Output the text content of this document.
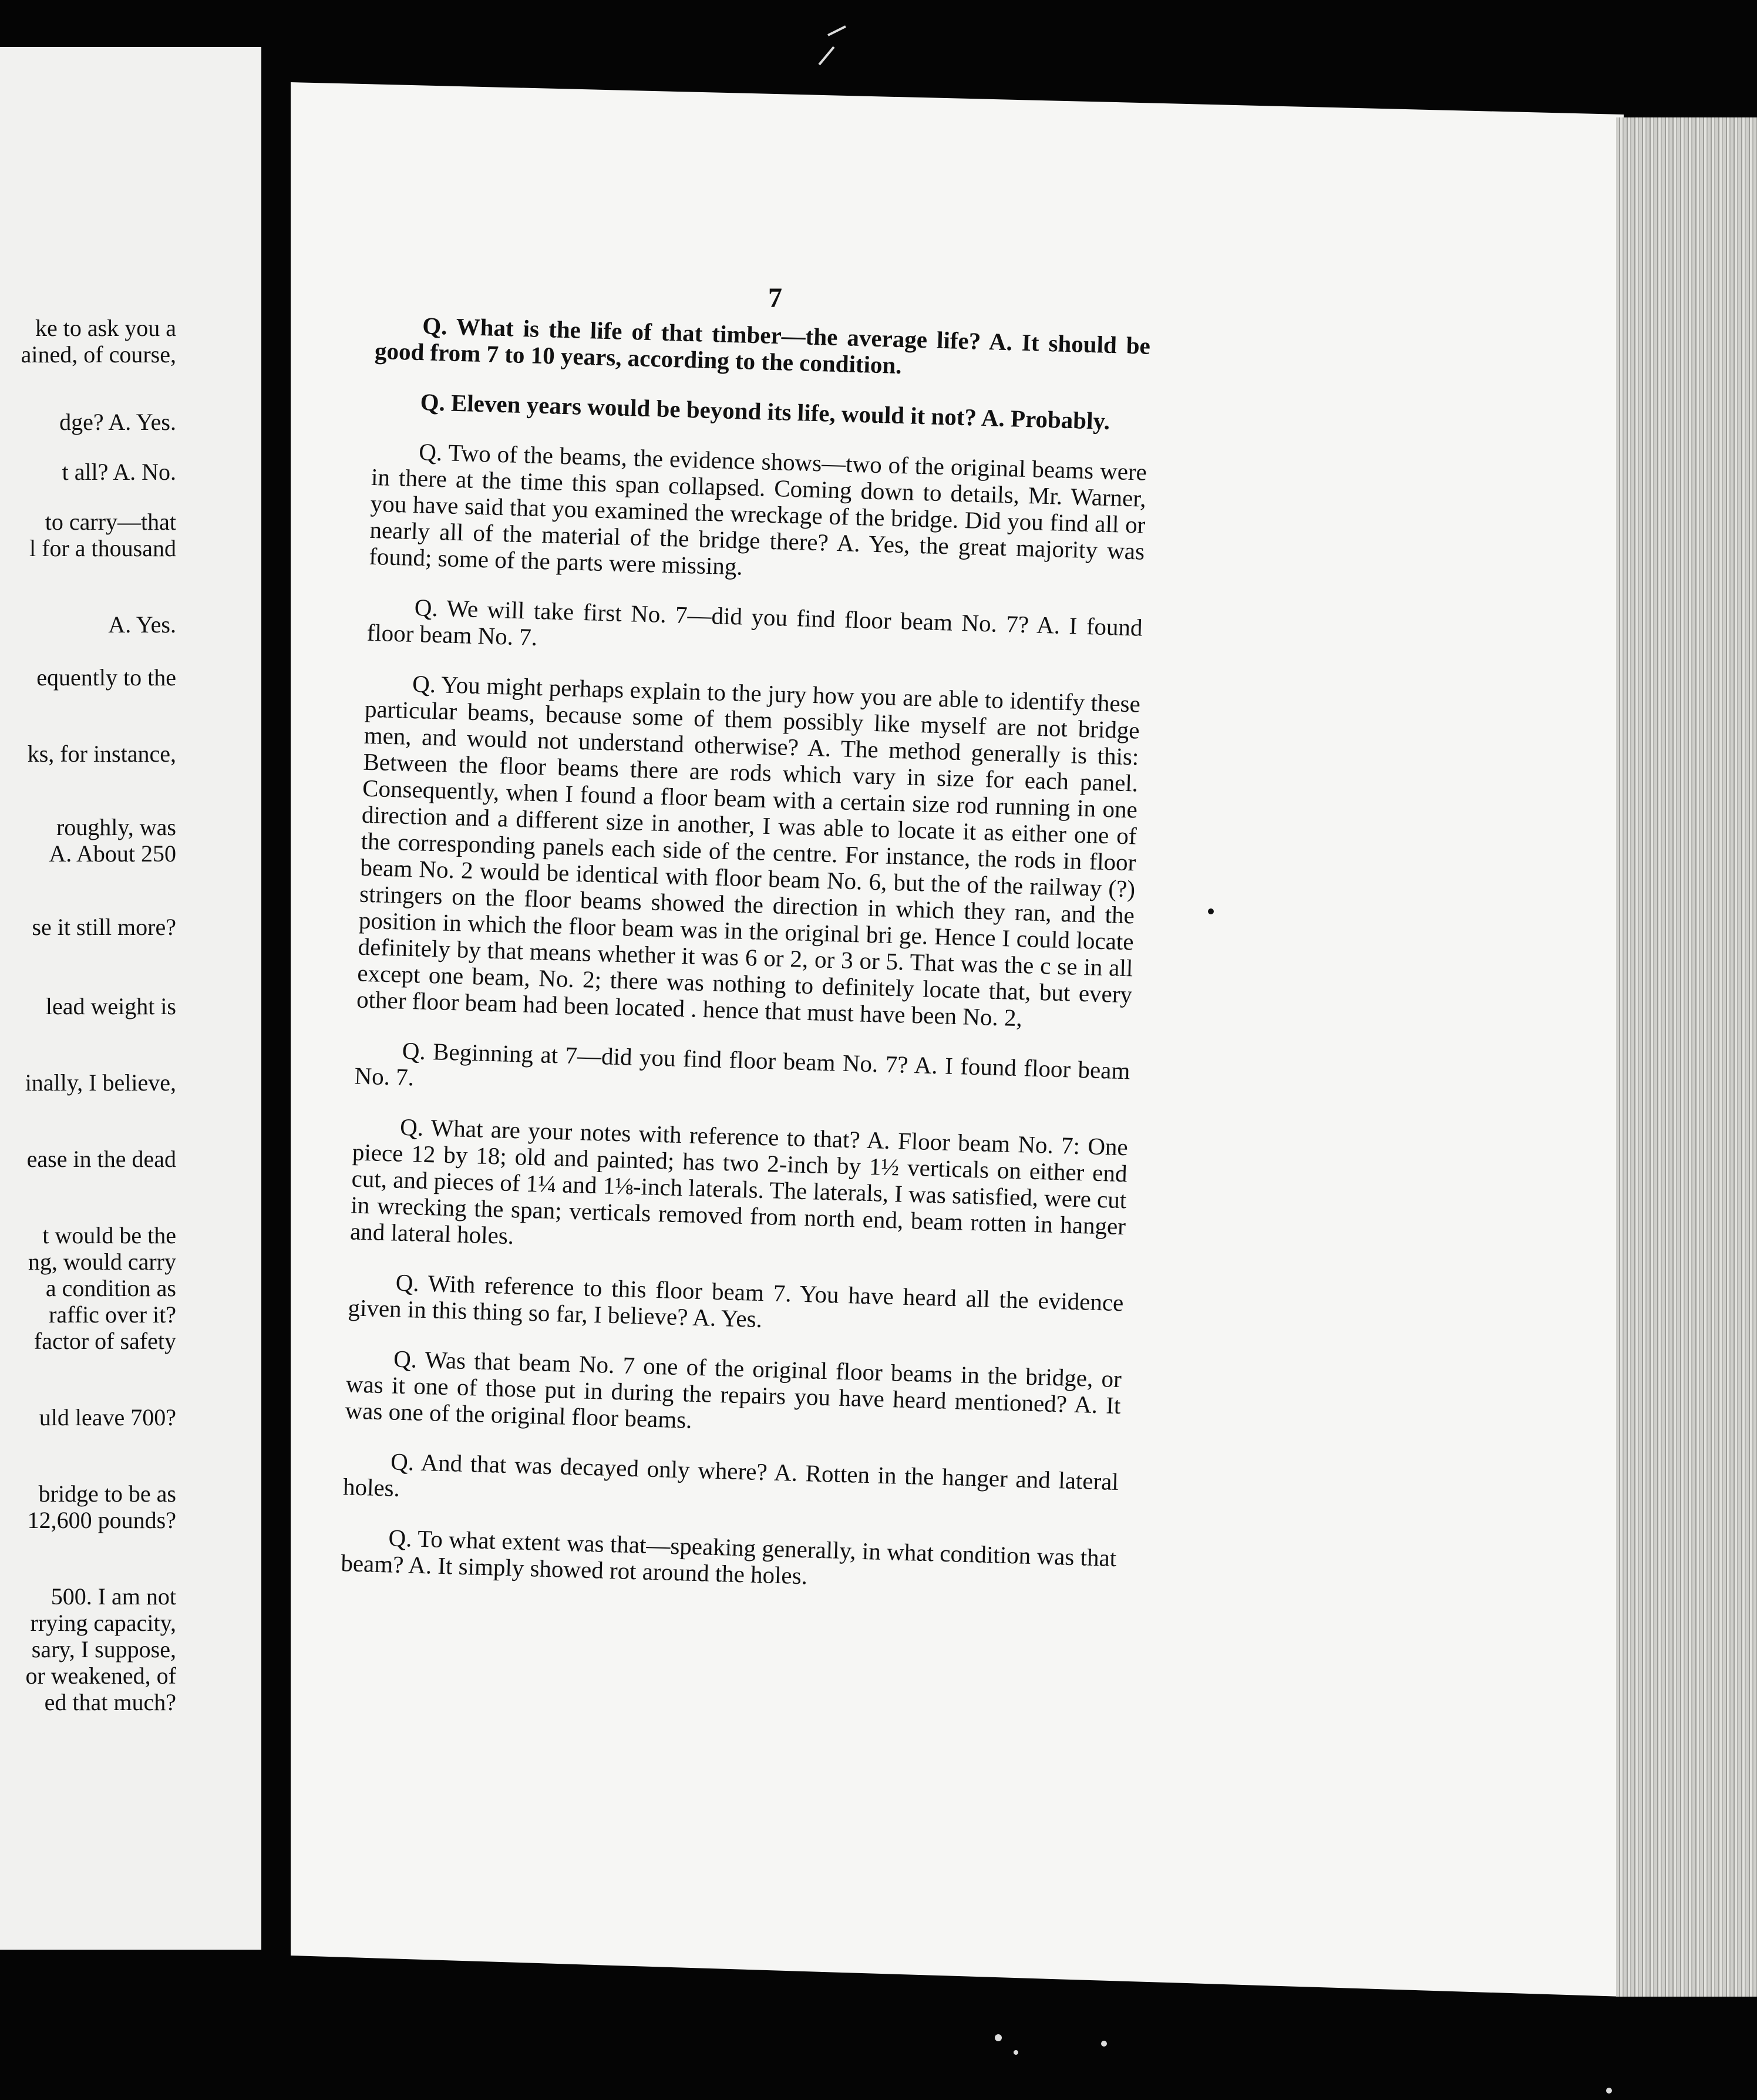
ke to ask you a
ained, of course,
dge? A. Yes.
t all? A. No.
to carry—that
l for a thousand
A. Yes.
equently to the
ks, for instance,
roughly, was
A. About 250
se it still more?
lead weight is
inally, I believe,
ease in the dead
t would be the
ng, would carry
a condition as
raffic over it?
factor of safety
uld leave 700?
bridge to be as
12,600 pounds?
500. I am not
rrying capacity,
sary, I suppose,
or weakened, of
ed that much?
7

Q. What is the life of that timber—the average life? A. It should be good from 7 to 10 years, according to the condition.

Q. Eleven years would be beyond its life, would it not? A. Probably.

Q. Two of the beams, the evidence shows—two of the original beams were in there at the time this span collapsed. Coming down to details, Mr. Warner, you have said that you examined the wreckage of the bridge. Did you find all or nearly all of the material of the bridge there? A. Yes, the great majority was found; some of the parts were missing.

Q. We will take first No. 7—did you find floor beam No. 7? A. I found floor beam No. 7.

Q. You might perhaps explain to the jury how you are able to identify these particular beams, because some of them possibly like myself are not bridge men, and would not understand otherwise? A. The method generally is this: Between the floor beams there are rods which vary in size for each panel. Consequently, when I found a floor beam with a certain size rod running in one direction and a different size in another, I was able to locate it as either one of the corresponding panels each side of the centre. For instance, the rods in floor beam No. 2 would be identical with floor beam No. 6, but the of the railway (?) stringers on the floor beams showed the direction in which they ran, and the position in which the floor beam was in the original bri ge. Hence I could locate definitely by that means whether it was 6 or 2, or 3 or 5. That was the c se in all except one beam, No. 2; there was nothing to definitely locate that, but every other floor beam had been located . hence that must have been No. 2,

Q. Beginning at 7—did you find floor beam No. 7? A. I found floor beam No. 7.

Q. What are your notes with reference to that? A. Floor beam No. 7: One piece 12 by 18; old and painted; has two 2-inch by 1½ verticals on either end cut, and pieces of 1¼ and 1⅛-inch laterals. The laterals, I was satisfied, were cut in wrecking the span; verticals removed from north end, beam rotten in hanger and lateral holes.

Q. With reference to this floor beam 7. You have heard all the evidence given in this thing so far, I believe? A. Yes.

Q. Was that beam No. 7 one of the original floor beams in the bridge, or was it one of those put in during the repairs you have heard mentioned? A. It was one of the original floor beams.

Q. And that was decayed only where? A. Rotten in the hanger and lateral holes.

Q. To what extent was that—speaking generally, in what condition was that beam? A. It simply showed rot around the holes.
